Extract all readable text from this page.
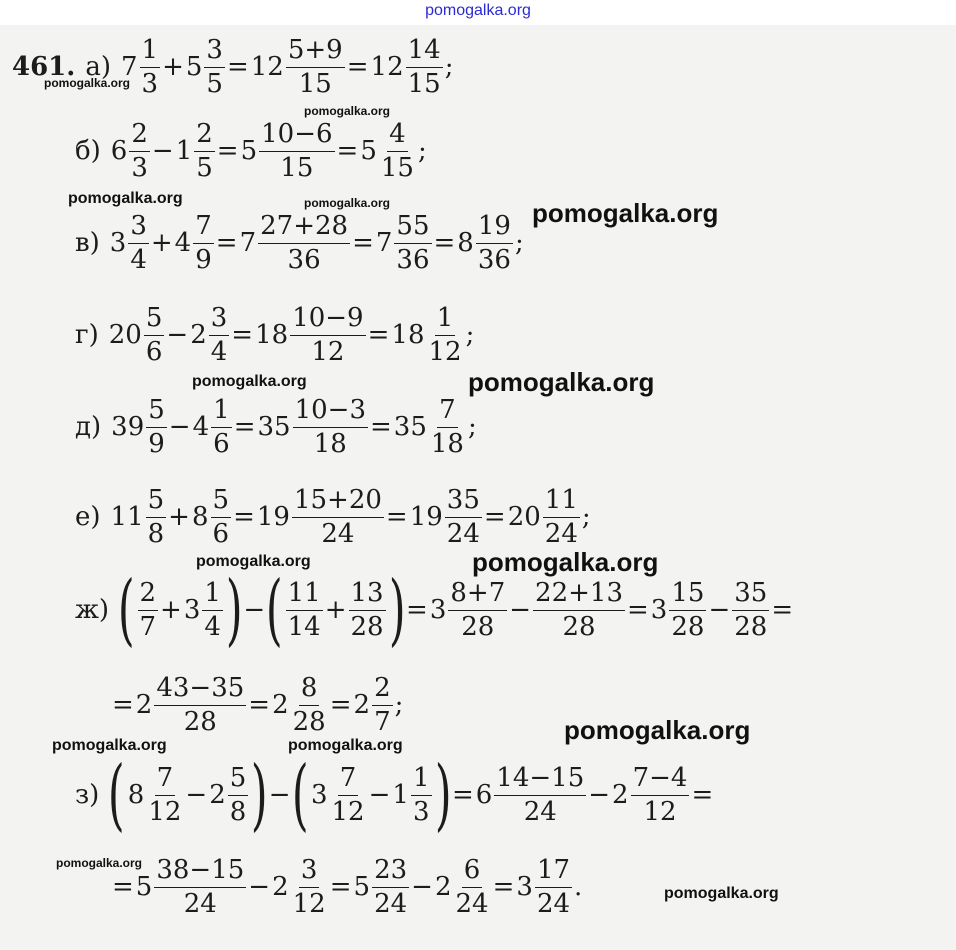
pomogalka.org
461. а) $7 \frac{1}{3} + 5 \frac{3}{5} = 12 \frac{5+9}{15} = 12 \frac{14}{15}$ ;
б) $6 \frac{2}{3} - 1 \frac{2}{5} = 5 \frac{10-6}{15} = 5 \frac{4}{15}$ ;
в) $3 \frac{3}{4} + 4 \frac{7}{9} = 7 \frac{27+28}{36} = 7 \frac{55}{36} = 8 \frac{19}{36}$ ;
г) $20 \frac{5}{6} - 2 \frac{3}{4} = 18 \frac{10-9}{12} = 18 \frac{1}{12}$ ;
д) $39 \frac{5}{9} - 4 \frac{1}{6} = 35 \frac{10-3}{18} = 35 \frac{7}{18}$ ;
е) $11 \frac{5}{8} + 8 \frac{5}{6} = 19 \frac{15+20}{24} = 19 \frac{35}{24} = 20 \frac{11}{24}$ ;
ж) ( $\frac{2}{7} + 3 \frac{1}{4}$ ) − ( $\frac{11}{14} + \frac{13}{28}$ ) = $3 \frac{8+7}{28} - \frac{22+13}{28} = 3 \frac{15}{28} - \frac{35}{28}$ =
= $2 \frac{43-35}{28} = 2 \frac{8}{28} = 2 \frac{2}{7}$ ;
з) ( $8 \frac{7}{12} - 2 \frac{5}{8}$ ) − ( $3 \frac{7}{12} - 1 \frac{1}{3}$ ) = $6 \frac{14-15}{24} - 2 \frac{7-4}{12}$ =
= $5 \frac{38-15}{24} - 2 \frac{3}{12} = 5 \frac{23}{24} - 2 \frac{6}{24} = 3 \frac{17}{24}$ .
pomogalka.org
pomogalka.org
pomogalka.org	pomogalka.org	pomogalka.org
pomogalka.org	pomogalka.org
pomogalka.org	pomogalka.org
pomogalka.org
pomogalka.org	pomogalka.org
pomogalka.org
pomogalka.org
